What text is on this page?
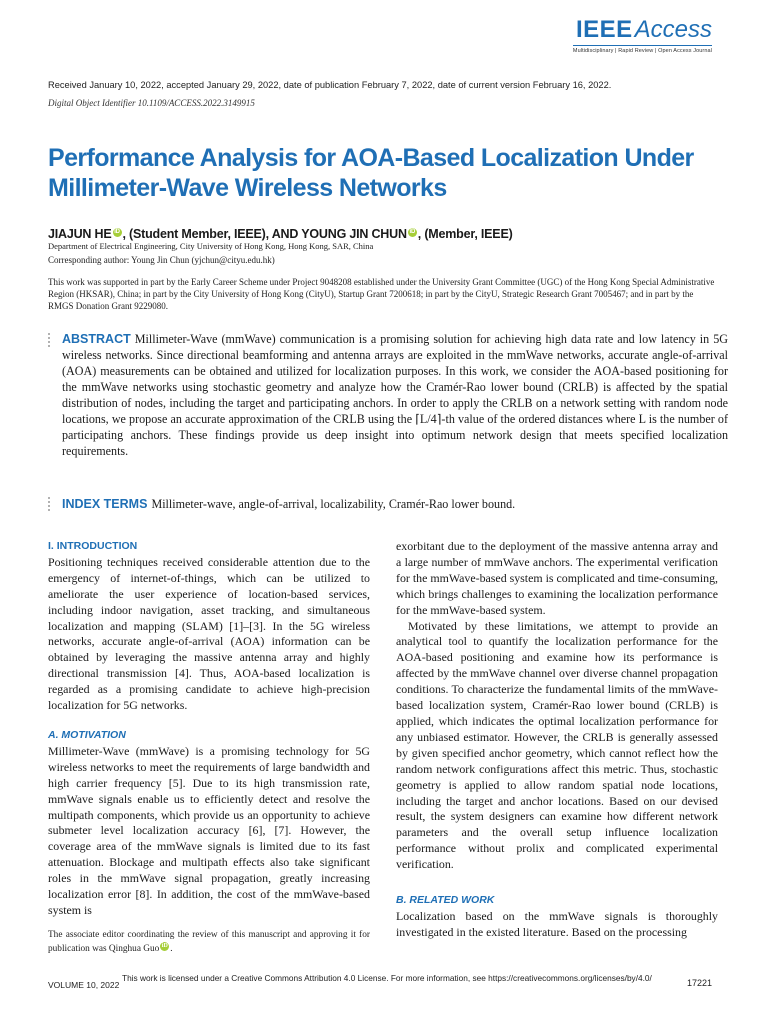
IEEEAccess
Multidisciplinary | Rapid Review | Open Access Journal
Received January 10, 2022, accepted January 29, 2022, date of publication February 7, 2022, date of current version February 16, 2022.
Digital Object Identifier 10.1109/ACCESS.2022.3149915
Performance Analysis for AOA-Based Localization Under Millimeter-Wave Wireless Networks
JIAJUN HE iD , (Student Member, IEEE), AND YOUNG JIN CHUN iD , (Member, IEEE)
Department of Electrical Engineering, City University of Hong Kong, Hong Kong, SAR, China
Corresponding author: Young Jin Chun (yjchun@cityu.edu.hk)
This work was supported in part by the Early Career Scheme under Project 9048208 established under the University Grant Committee (UGC) of the Hong Kong Special Administrative Region (HKSAR), China; in part by the City University of Hong Kong (CityU), Startup Grant 7200618; in part by the CityU, Strategic Research Grant 7005467; and in part by the RMGS Donation Grant 9229080.
ABSTRACT Millimeter-Wave (mmWave) communication is a promising solution for achieving high data rate and low latency in 5G wireless networks. Since directional beamforming and antenna arrays are exploited in the mmWave networks, accurate angle-of-arrival (AOA) measurements can be obtained and utilized for localization purposes. In this work, we consider the AOA-based positioning for the mmWave networks using stochastic geometry and analyze how the Cramér-Rao lower bound (CRLB) is affected by the spatial distribution of nodes, including the target and participating anchors. In order to apply the CRLB on a network setting with random node locations, we propose an accurate approximation of the CRLB using the ⌈L/4⌉-th value of the ordered distances where L is the number of participating anchors. These findings provide us deep insight into optimum network design that meets specified localization requirements.
INDEX TERMS Millimeter-wave, angle-of-arrival, localizability, Cramér-Rao lower bound.
I. INTRODUCTION

Positioning techniques received considerable attention due to the emergency of internet-of-things, which can be utilized to ameliorate the user experience of location-based services, including indoor navigation, asset tracking, and simultaneous localization and mapping (SLAM) [1]–[3]. In the 5G wireless networks, accurate angle-of-arrival (AOA) information can be obtained by leveraging the massive antenna array and highly directional transmission [4]. Thus, AOA-based localization is regarded as a promising candidate to achieve high-precision localization for 5G networks.

A. MOTIVATION

Millimeter-Wave (mmWave) is a promising technology for 5G wireless networks to meet the requirements of large bandwidth and high carrier frequency [5]. Due to its high transmission rate, mmWave signals enable us to efficiently detect and resolve the multipath components, which provide us an opportunity to achieve submeter level localization accuracy [6], [7]. However, the coverage area of the mmWave signals is limited due to its fast attenuation. Blockage and multipath effects also take significant roles in the mmWave signal propagation, greatly increasing localization error [8]. In addition, the cost of the mmWave-based system is

exorbitant due to the deployment of the massive antenna array and a large number of mmWave anchors. The experimental verification for the mmWave-based system is complicated and time-consuming, which brings challenges to examining the localization performance for the mmWave-based system.

Motivated by these limitations, we attempt to provide an analytical tool to quantify the localization performance for the AOA-based positioning and examine how its performance is affected by the mmWave channel over diverse channel propagation conditions. To characterize the fundamental limits of the mmWave-based localization system, Cramér-Rao lower bound (CRLB) is applied, which indicates the optimal localization performance for any unbiased estimator. However, the CRLB is generally assessed by given specified anchor geometry, which cannot reflect how the random network configurations affect this metric. Thus, stochastic geometry is applied to allow random spatial node locations, including the target and anchor locations. Based on our devised result, the system designers can examine how different network parameters and the overall setup influence localization performance without prolix and complicated experimental verification.

B. RELATED WORK

Localization based on the mmWave signals is thoroughly investigated in the existed literature. Based on the processing

The associate editor coordinating the review of this manuscript and approving it for publication was Qinghua Guo iD .
VOLUME 10, 2022
This work is licensed under a Creative Commons Attribution 4.0 License. For more information, see https://creativecommons.org/licenses/by/4.0/	17221
